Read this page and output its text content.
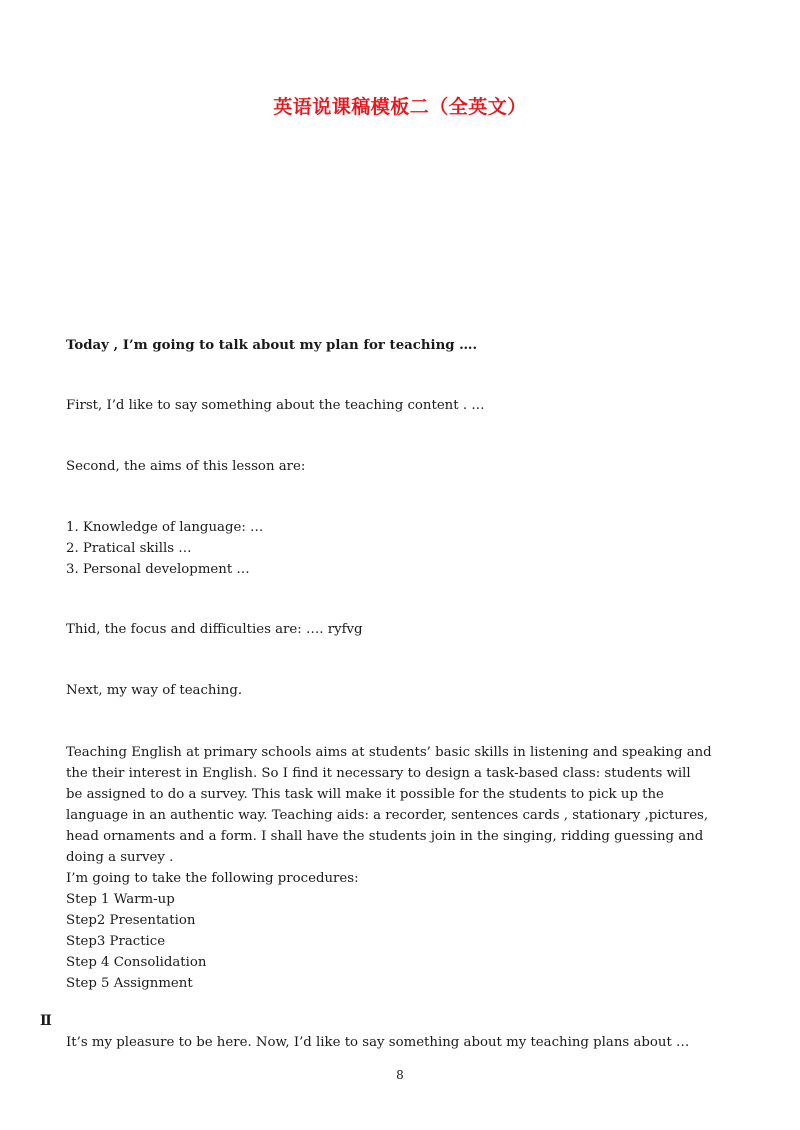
英语说课稿模板二（全英文）
Today , I’m going to talk about my plan for teaching ….
First, I’d like to say something about the teaching content . …
Second, the aims of this lesson are:
1. Knowledge of language: …
2. Pratical skills …
3. Personal development …
Thid, the focus and difficulties are: …. ryfvg
Next, my way of teaching.
Teaching English at primary schools aims at students’ basic skills in listening and speaking and
the their interest in English. So I find it necessary to design a task-based class: students will
be assigned to do a survey. This task will make it possible for the students to pick up the
language in an authentic way. Teaching aids: a recorder, sentences cards , stationary ,pictures,
head ornaments and a form. I shall have the students join in the singing, ridding guessing and
doing a survey .
I’m going to take the following procedures:
Step 1 Warm-up
Step2 Presentation
Step3 Practice
Step 4 Consolidation
Step 5 Assignment
Ⅱ
It’s my pleasure to be here. Now, I’d like to say something about my teaching plans about …
8
